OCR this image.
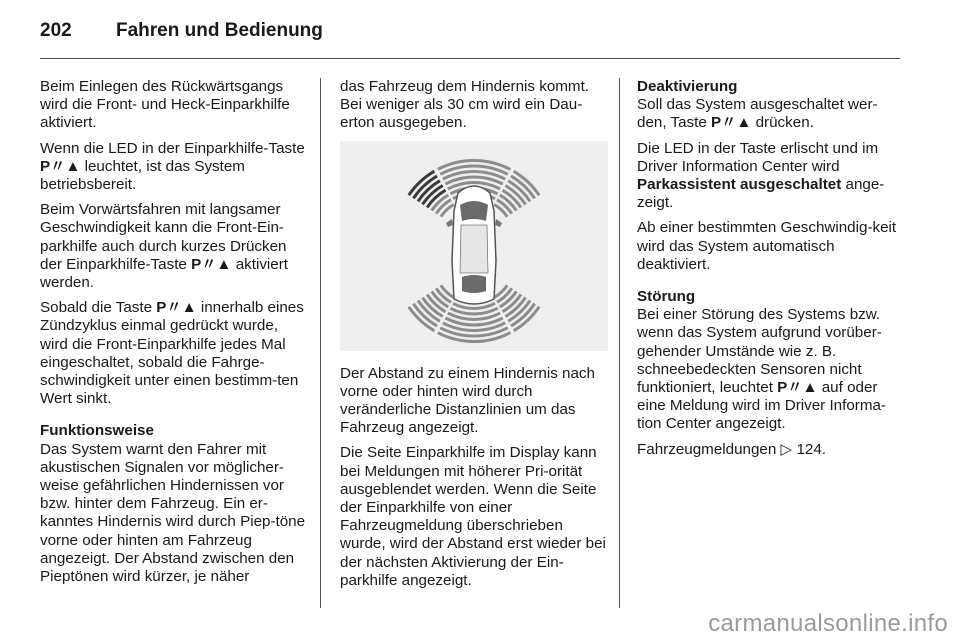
202 Fahren und Bedienung

Beim Einlegen des Rückwärtsgangs wird die Front- und Heck-Einparkhilfe aktiviert.

Wenn die LED in der Einparkhilfe-Taste P〃▲ leuchtet, ist das System betriebsbereit.

Beim Vorwärtsfahren mit langsamer Geschwindigkeit kann die Front-Ein-parkhilfe auch durch kurzes Drücken der Einparkhilfe-Taste P〃▲ aktiviert werden.

Sobald die Taste P〃▲ innerhalb eines Zündzyklus einmal gedrückt wurde, wird die Front-Einparkhilfe jedes Mal eingeschaltet, sobald die Fahrge-schwindigkeit unter einen bestimm-ten Wert sinkt.

Funktionsweise
Das System warnt den Fahrer mit akustischen Signalen vor möglicher-weise gefährlichen Hindernissen vor bzw. hinter dem Fahrzeug. Ein er-kanntes Hindernis wird durch Piep-töne vorne oder hinten am Fahrzeug angezeigt. Der Abstand zwischen den Pieptönen wird kürzer, je näher

das Fahrzeug dem Hindernis kommt. Bei weniger als 30 cm wird ein Dau-erton ausgegeben.

Der Abstand zu einem Hindernis nach vorne oder hinten wird durch veränderliche Distanzlinien um das Fahrzeug angezeigt.

Die Seite Einparkhilfe im Display kann bei Meldungen mit höherer Pri-orität ausgeblendet werden. Wenn die Seite der Einparkhilfe von einer Fahrzeugmeldung überschrieben wurde, wird der Abstand erst wieder bei der nächsten Aktivierung der Ein-parkhilfe angezeigt.

Deaktivierung
Soll das System ausgeschaltet wer-den, Taste P〃▲ drücken.

Die LED in der Taste erlischt und im Driver Information Center wird Parkassistent ausgeschaltet ange-zeigt.

Ab einer bestimmten Geschwindig-keit wird das System automatisch deaktiviert.

Störung
Bei einer Störung des Systems bzw. wenn das System aufgrund vorüber-gehender Umstände wie z. B. schneebedeckten Sensoren nicht funktioniert, leuchtet P〃▲ auf oder eine Meldung wird im Driver Informa-tion Center angezeigt.

Fahrzeugmeldungen ▷ 124.

carmanualsonline.info
